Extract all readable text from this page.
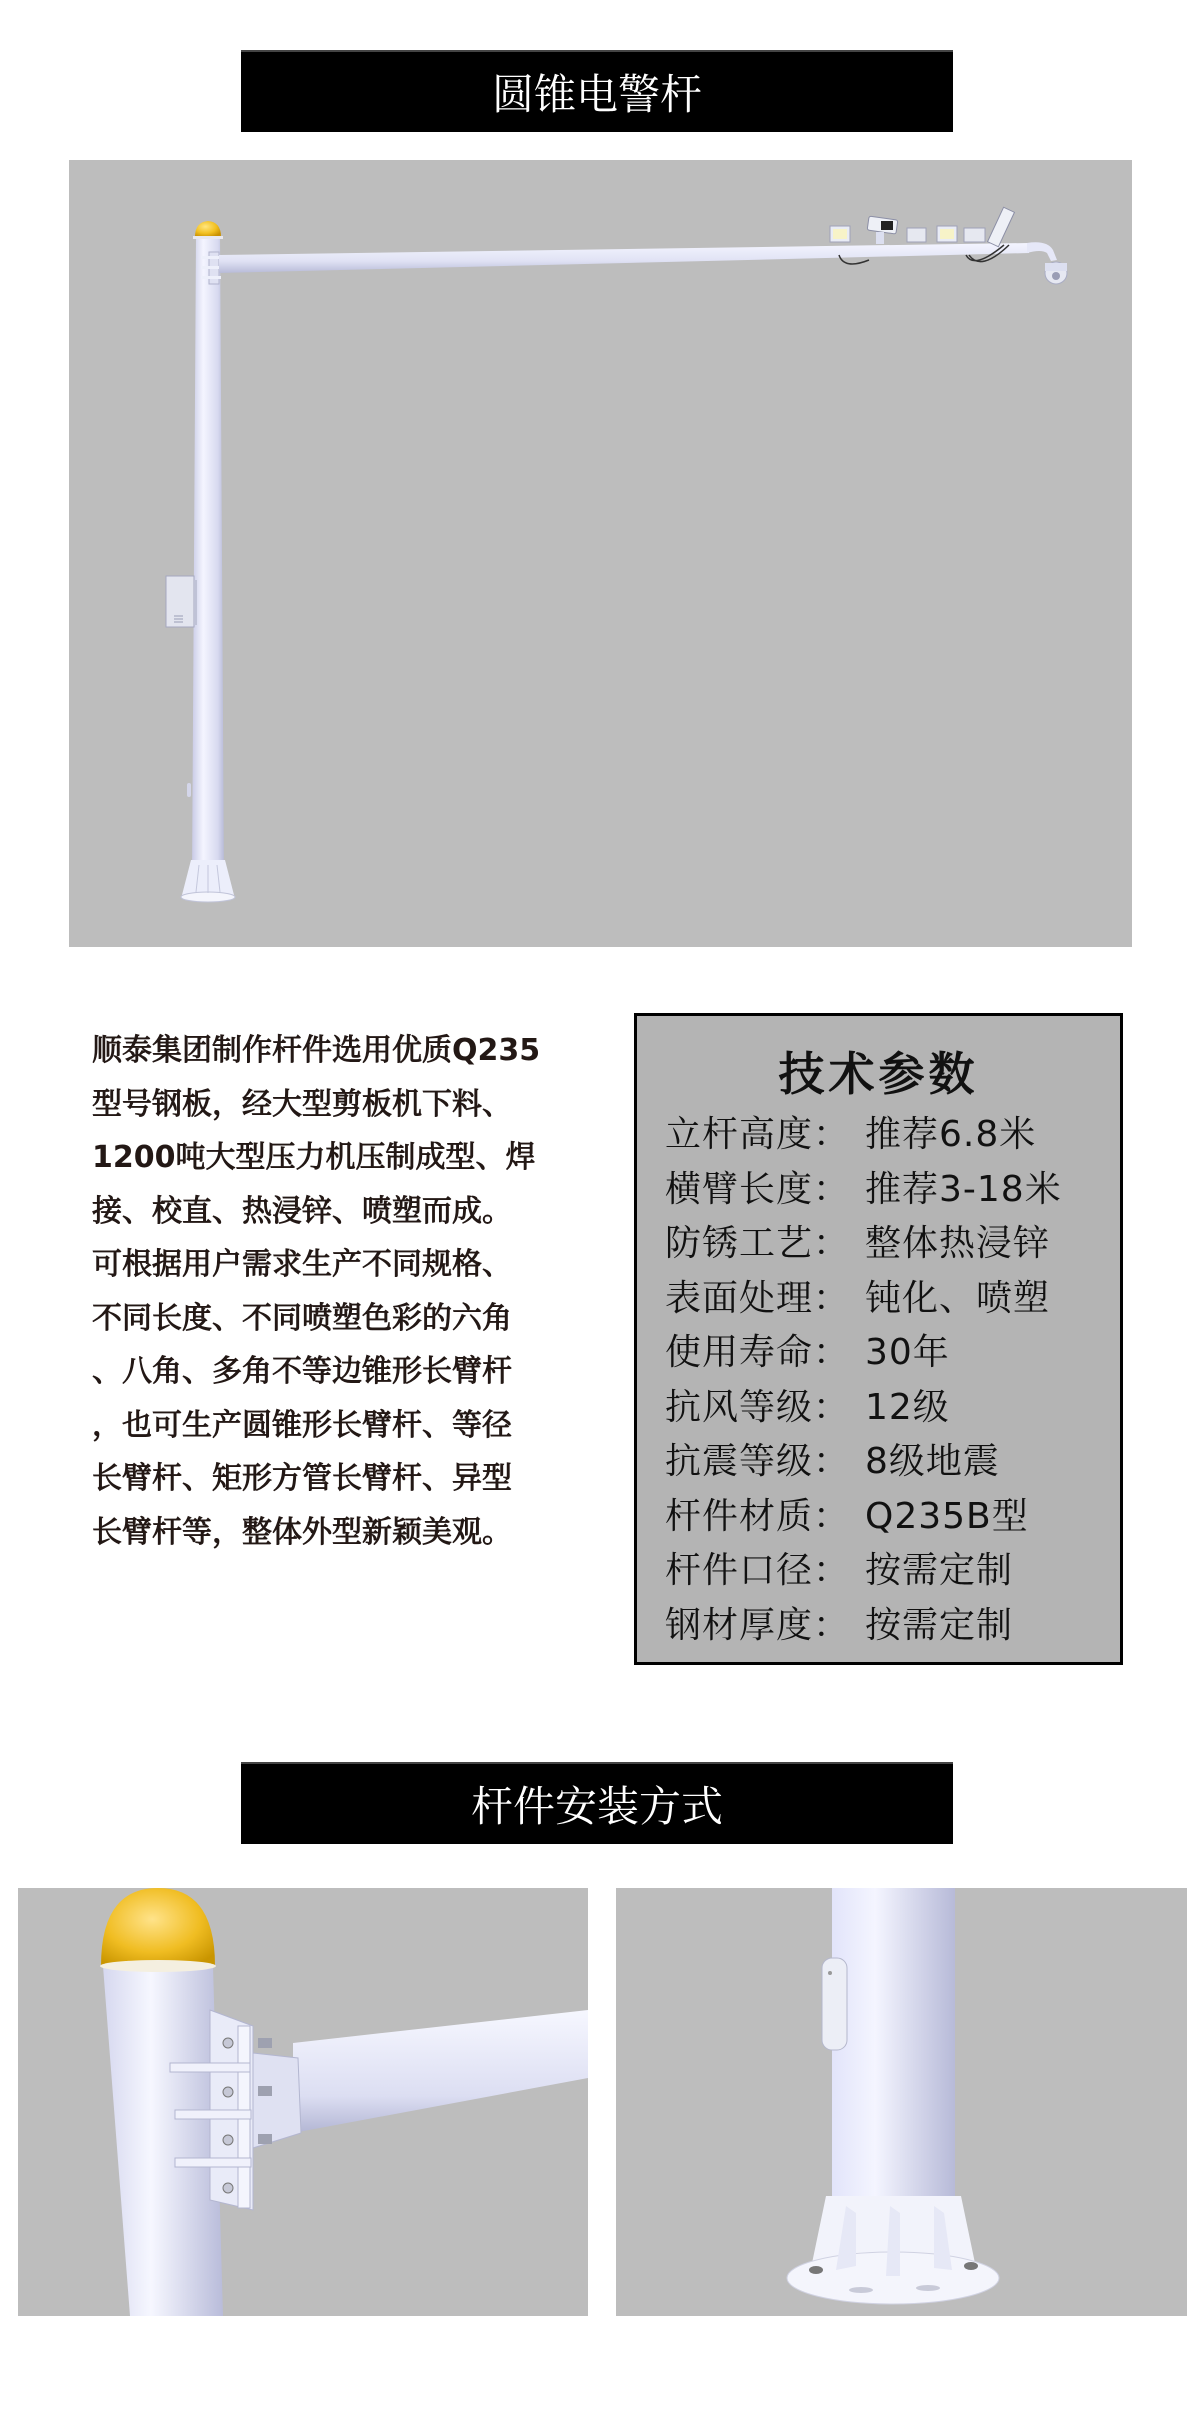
圆锥电警杆
顺泰集团制作杆件选用优质Q235
型号钢板，经大型剪板机下料、
1200吨大型压力机压制成型、焊
接、校直、热浸锌、喷塑而成。
可根据用户需求生产不同规格、
不同长度、不同喷塑色彩的六角
、八角、多角不等边锥形长臂杆
，也可生产圆锥形长臂杆、等径
长臂杆、矩形方管长臂杆、异型
长臂杆等，整体外型新颖美观。
技术参数
立杆高度： 推荐6.8米
横臂长度： 推荐3-18米
防锈工艺： 整体热浸锌
表面处理： 钝化、喷塑
使用寿命： 30年
抗风等级： 12级
抗震等级： 8级地震
杆件材质： Q235B型
杆件口径： 按需定制
钢材厚度： 按需定制
杆件安装方式
